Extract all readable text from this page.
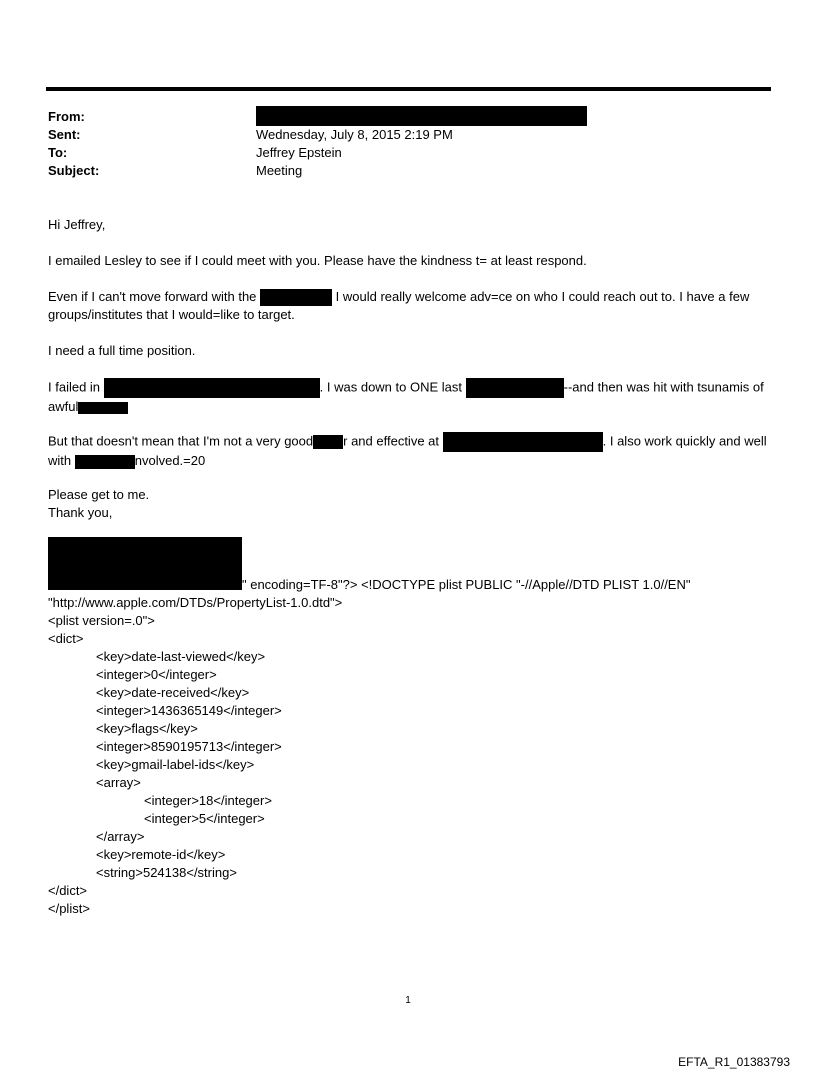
From:
Sent:	Wednesday, July 8, 2015 2:19 PM
To:	Jeffrey Epstein
Subject:	Meeting
Hi Jeffrey,
I emailed Lesley to see if I could meet with you. Please have the kindness t= at least respond.
Even if I can't move forward with the	I would really welcome adv=ce on who I could reach out to. I have a few groups/institutes that I would=like to target.
I need a full time position.
I failed in	. I was down to ONE last	--and then was hit with tsunamis of awful
But that doesn't mean that I'm not a very good r and effective at	. I also work quickly and well with	nvolved.=20
Please get to me.
Thank you,
" encoding=TF-8"?> <!DOCTYPE plist PUBLIC "-//Apple//DTD PLIST 1.0//EN"
"http://www.apple.com/DTDs/PropertyList-1.0.dtd">
<plist version=.0">
<dict>
<key>date-last-viewed</key>
<integer>0</integer>
<key>date-received</key>
<integer>1436365149</integer>
<key>flags</key>
<integer>8590195713</integer>
<key>gmail-label-ids</key>
<array>
<integer>18</integer>
<integer>5</integer>
</array>
<key>remote-id</key>
<string>524138</string>
</dict>
</plist>
1
EFTA_R1_01383793
